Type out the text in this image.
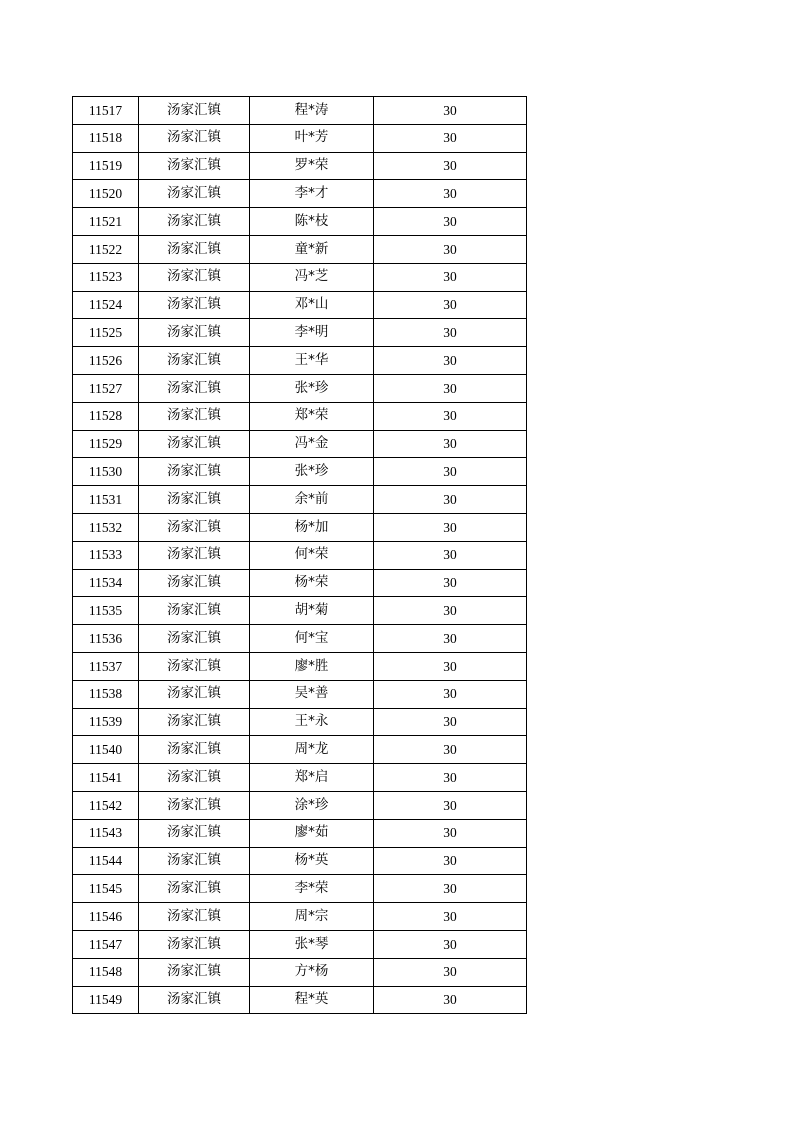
11517	汤家汇镇	程*涛	30
11518	汤家汇镇	叶*芳	30
11519	汤家汇镇	罗*荣	30
11520	汤家汇镇	李*才	30
11521	汤家汇镇	陈*枝	30
11522	汤家汇镇	童*新	30
11523	汤家汇镇	冯*芝	30
11524	汤家汇镇	邓*山	30
11525	汤家汇镇	李*明	30
11526	汤家汇镇	王*华	30
11527	汤家汇镇	张*珍	30
11528	汤家汇镇	郑*荣	30
11529	汤家汇镇	冯*金	30
11530	汤家汇镇	张*珍	30
11531	汤家汇镇	余*前	30
11532	汤家汇镇	杨*加	30
11533	汤家汇镇	何*荣	30
11534	汤家汇镇	杨*荣	30
11535	汤家汇镇	胡*菊	30
11536	汤家汇镇	何*宝	30
11537	汤家汇镇	廖*胜	30
11538	汤家汇镇	吴*善	30
11539	汤家汇镇	王*永	30
11540	汤家汇镇	周*龙	30
11541	汤家汇镇	郑*启	30
11542	汤家汇镇	涂*珍	30
11543	汤家汇镇	廖*茹	30
11544	汤家汇镇	杨*英	30
11545	汤家汇镇	李*荣	30
11546	汤家汇镇	周*宗	30
11547	汤家汇镇	张*琴	30
11548	汤家汇镇	方*杨	30
11549	汤家汇镇	程*英	30
